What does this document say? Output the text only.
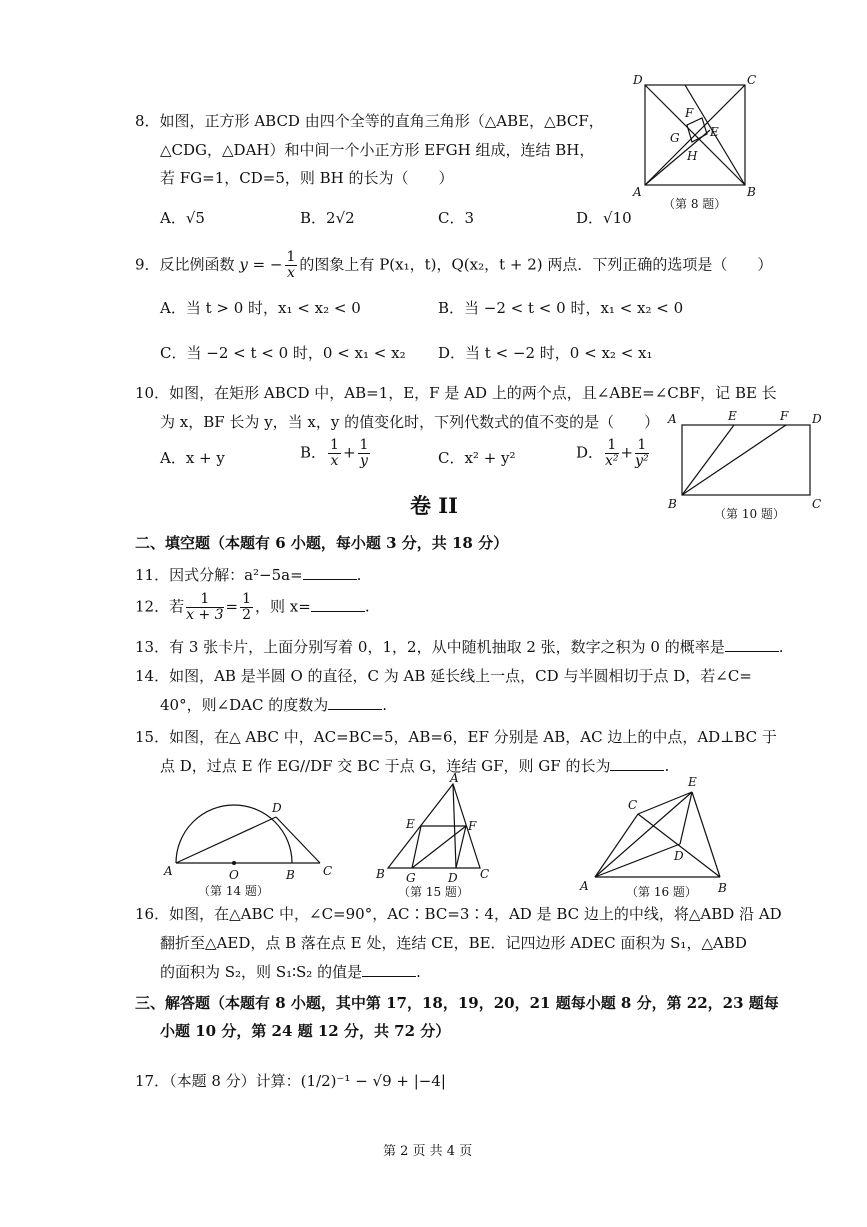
8．如图，正方形 ABCD 由四个全等的直角三角形（△ABE，△BCF，
△CDG，△DAH）和中间一个小正方形 EFGH 组成，连结 BH，
若 FG=1，CD=5，则 BH 的长为（　　）
A．√5	B．2√2	C．3	D．√10
D	C
A	B
F
G	E
H
（第 8 题）
9．反比例函数 y = − $\frac{1}{x}$ 的图象上有 P(x₁，t)，Q(x₂，t + 2) 两点．下列正确的选项是（　　）
A．当 t > 0 时，x₁ < x₂ < 0	B．当 −2 < t < 0 时，x₁ < x₂ < 0
C．当 −2 < t < 0 时，0 < x₁ < x₂ D．当 t < −2 时，0 < x₂ < x₁
10．如图，在矩形 ABCD 中，AB=1，E，F 是 AD 上的两个点，且∠ABE=∠CBF，记 BE 长
为 x，BF 长为 y，当 x，y 的值变化时，下列代数式的值不变的是（　　）
A．x + y	B． $\frac{1}{x} + \frac{1}{y}$	C．x² + y²	D． $\frac{1}{\text{x²}} + \frac{1}{\text{y²}}$
A	E	F D
B	C
（第 10 题）
卷 II
二、填空题（本题有 6 小题，每小题 3 分，共 18 分）
11．因式分解：a²−5a=	.
12．若 $\frac{1}{x + 3} = \frac{1}{2}$ ，则 x=	.
13．有 3 张卡片，上面分别写着 0，1，2，从中随机抽取 2 张，数字之积为 0 的概率是	.
14．如图，AB 是半圆 O 的直径，C 为 AB 延长线上一点，CD 与半圆相切于点 D，若∠C=
40°，则∠DAC 的度数为	.
15．如图，在△ ABC 中，AC=BC=5，AB=6，EF 分别是 AB，AC 边上的中点，AD⊥BC 于
点 D，过点 E 作 EG//DF 交 BC 于点 G，连结 GF，则 GF 的长为	.
D
A	O	B C
（第 14 题）
A
E	F
B G	D C
（第 15 题）
E
C
D
A	B
（第 16 题）
16．如图，在△ABC 中，∠C=90°，AC∶BC=3∶4，AD 是 BC 边上的中线，将△ABD 沿 AD
翻折至△AED，点 B 落在点 E 处，连结 CE，BE．记四边形 ADEC 面积为 S₁，△ABD
的面积为 S₂，则 S₁∶S₂ 的值是	.
三、解答题（本题有 8 小题，其中第 17，18，19，20，21 题每小题 8 分，第 22，23 题每
小题 10 分，第 24 题 12 分，共 72 分）
17．（本题 8 分）计算：(1/2)⁻¹ − √9 + |−4|
第 2 页 共 4 页
